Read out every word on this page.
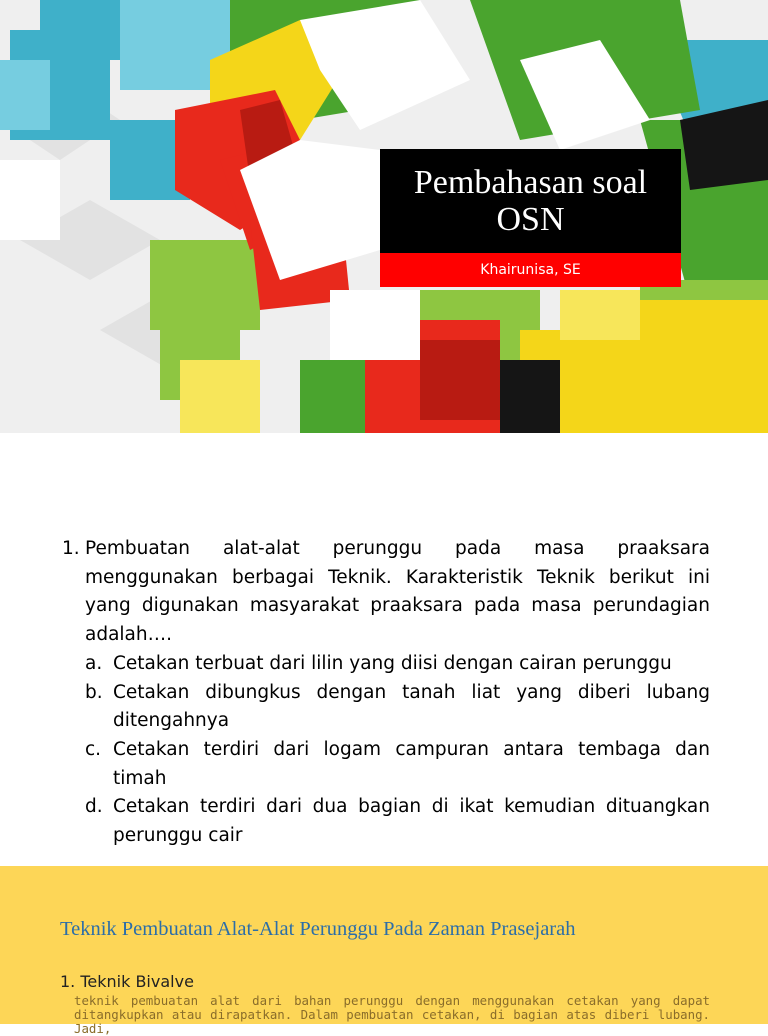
Pembahasan soal OSN
Khairunisa, SE
1. Pembuatan alat-alat perunggu pada masa praaksara menggunakan berbagai Teknik. Karakteristik Teknik berikut ini yang digunakan masyarakat praaksara pada masa perundagian adalah….
a. Cetakan terbuat dari lilin yang diisi dengan cairan perunggu
b. Cetakan dibungkus dengan tanah liat yang diberi lubang ditengahnya
c. Cetakan terdiri dari logam campuran antara tembaga dan timah
d. Cetakan terdiri dari dua bagian di ikat kemudian dituangkan perunggu cair
Teknik Pembuatan Alat-Alat Perunggu Pada Zaman Prasejarah
1. Teknik Bivalve
teknik pembuatan alat dari bahan perunggu dengan menggunakan cetakan yang dapat ditangkupkan atau dirapatkan. Dalam pembuatan cetakan, di bagian atas diberi lubang. Jadi,
